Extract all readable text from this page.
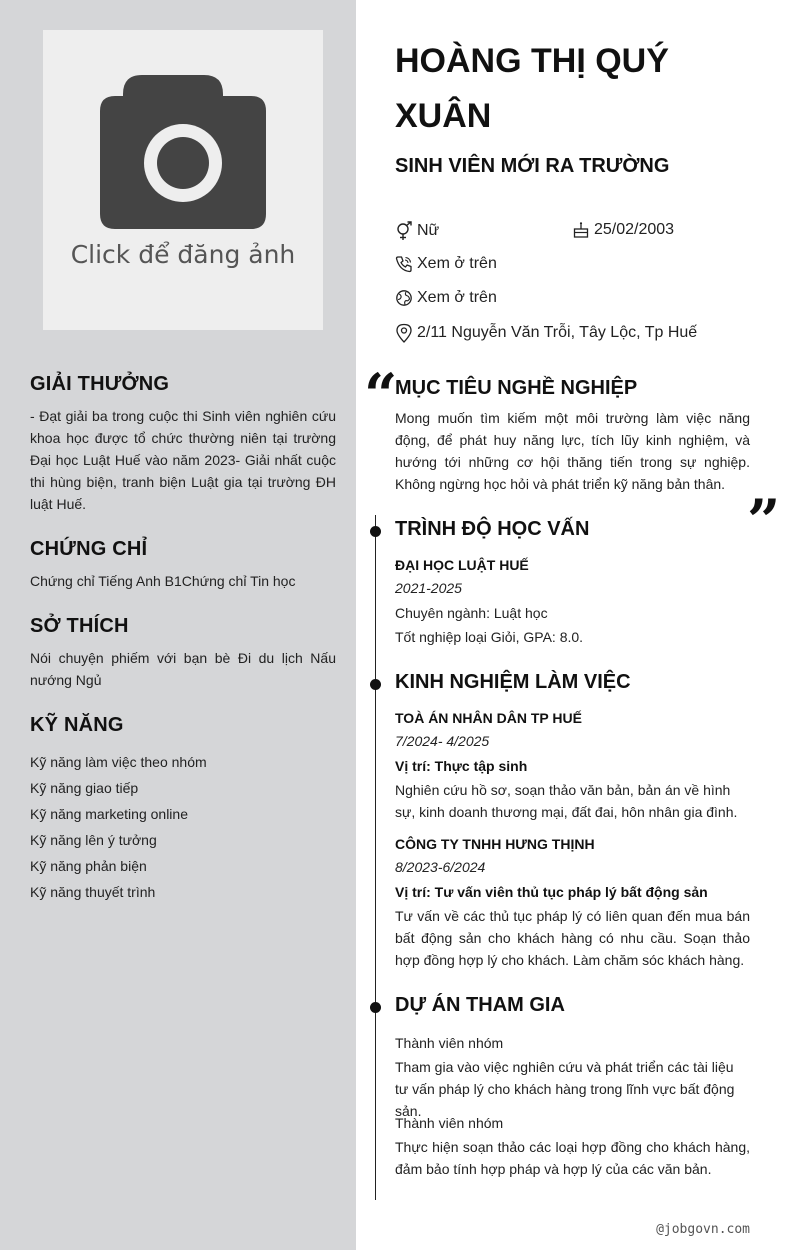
Click để đăng ảnh
GIẢI THƯỞNG

- Đạt giải ba trong cuộc thi Sinh viên nghiên cứu khoa học được tổ chức thường niên tại trường Đại học Luật Huế vào năm 2023- Giải nhất cuộc thi hùng biện, tranh biện Luật gia tại trường ĐH luật Huế.

CHỨNG CHỈ

Chứng chỉ Tiếng Anh B1Chứng chỉ Tin học

SỞ THÍCH

Nói chuyện phiếm với bạn bè Đi du lịch Nấu nướng Ngủ

KỸ NĂNG
Kỹ năng làm việc theo nhóm
Kỹ năng giao tiếp
Kỹ năng marketing online
Kỹ năng lên ý tưởng
Kỹ năng phản biện
Kỹ năng thuyết trình
HOÀNG THỊ QUÝ XUÂN
SINH VIÊN MỚI RA TRƯỜNG
Nữ	25/02/2003
Xem ở trên
Xem ở trên
2/11 Nguyễn Văn Trỗi, Tây Lộc, Tp Huế
“
MỤC TIÊU NGHỀ NGHIỆP

Mong muốn tìm kiếm một môi trường làm việc năng động, để phát huy năng lực, tích lũy kinh nghiệm, và hướng tới những cơ hội thăng tiến trong sự nghiệp. Không ngừng học hỏi và phát triển kỹ năng bản thân.

”
TRÌNH ĐỘ HỌC VẤN
ĐẠI HỌC LUẬT HUẾ
2021-2025
Chuyên ngành: Luật học
Tốt nghiệp loại Giỏi, GPA: 8.0.
KINH NGHIỆM LÀM VIỆC
TOÀ ÁN NHÂN DÂN TP HUẾ
7/2024- 4/2025
Vị trí: Thực tập sinh

Nghiên cứu hồ sơ, soạn thảo văn bản, bản án về hình sự, kinh doanh thương mại, đất đai, hôn nhân gia đình.

CÔNG TY TNHH HƯNG THỊNH
8/2023-6/2024
Vị trí: Tư vấn viên thủ tục pháp lý bất động sản

Tư vấn về các thủ tục pháp lý có liên quan đến mua bán bất động sản cho khách hàng có nhu cầu. Soạn thảo hợp đồng hợp lý cho khách. Làm chăm sóc khách hàng.

DỰ ÁN THAM GIA
Thành viên nhóm

Tham gia vào việc nghiên cứu và phát triển các tài liệu tư vấn pháp lý cho khách hàng trong lĩnh vực bất động sản.

Thành viên nhóm

Thực hiện soạn thảo các loại hợp đồng cho khách hàng, đảm bảo tính hợp pháp và hợp lý của các văn bản.

@jobgovn.com
